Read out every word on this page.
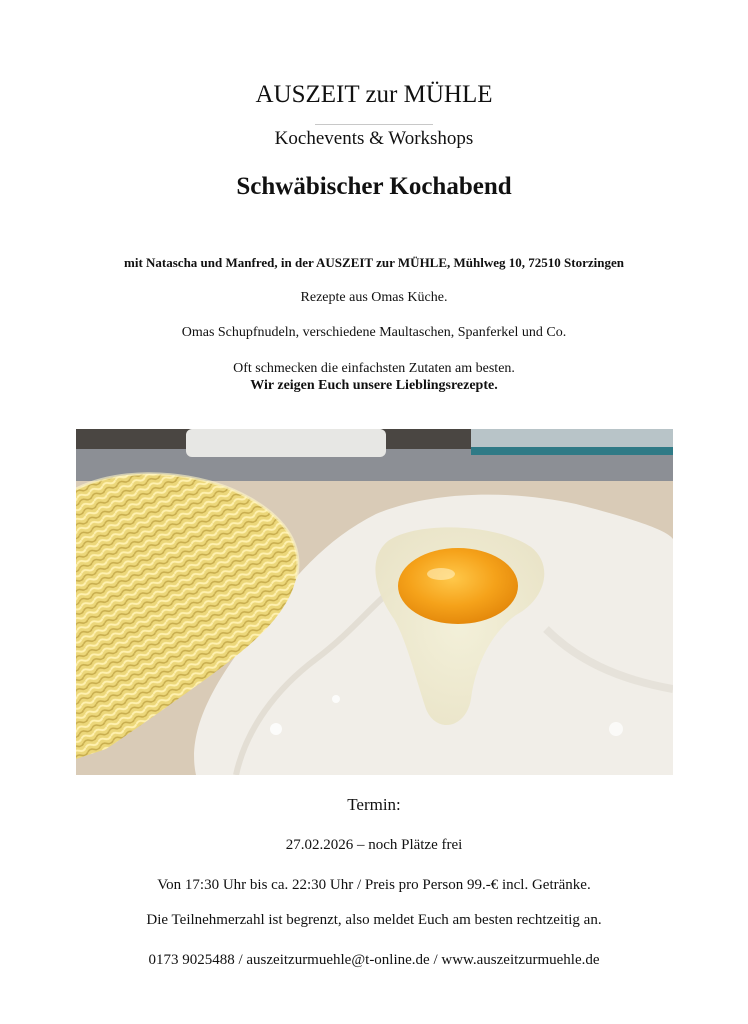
AUSZEIT zur MÜHLE
Kochevents & Workshops
Schwäbischer Kochabend
mit Natascha und Manfred, in der AUSZEIT zur MÜHLE, Mühlweg 10, 72510 Storzingen
Rezepte aus Omas Küche.
Omas Schupfnudeln, verschiedene Maultaschen, Spanferkel und Co.
Oft schmecken die einfachsten Zutaten am besten.
Wir zeigen Euch unsere Lieblingsrezepte.
Termin:
27.02.2026 – noch Plätze frei
Von 17:30 Uhr bis ca. 22:30 Uhr / Preis pro Person 99.-€ incl. Getränke.
Die Teilnehmerzahl ist begrenzt, also meldet Euch am besten rechtzeitig an.
0173 9025488 / auszeitzurmuehle@t-online.de / www.auszeitzurmuehle.de
